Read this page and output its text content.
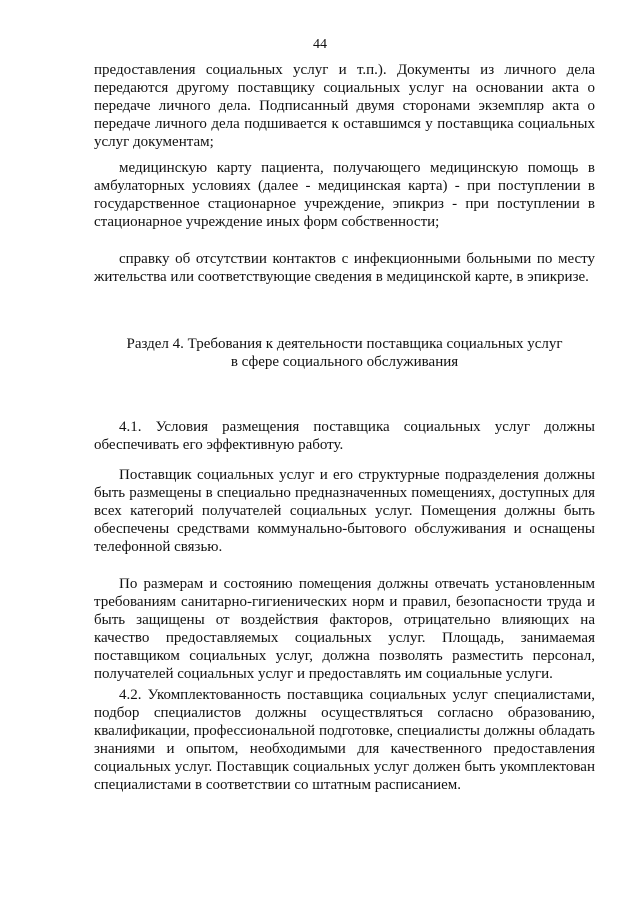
44

предоставления социальных услуг и т.п.). Документы из личного дела передаются другому поставщику социальных услуг на основании акта о передаче личного дела. Подписанный двумя сторонами экземпляр акта о передаче личного дела подшивается к оставшимся у поставщика социальных услуг документам;

медицинскую карту пациента, получающего медицинскую помощь в амбулаторных условиях (далее - медицинская карта) - при поступлении в государственное стационарное учреждение, эпикриз - при поступлении в стационарное учреждение иных форм собственности;

справку об отсутствии контактов с инфекционными больными по месту жительства или соответствующие сведения в медицинской карте, в эпикризе.

Раздел 4. Требования к деятельности поставщика социальных услуг
в сфере социального обслуживания

4.1. Условия размещения поставщика социальных услуг должны обеспечивать его эффективную работу.

Поставщик социальных услуг и его структурные подразделения должны быть размещены в специально предназначенных помещениях, доступных для всех категорий получателей социальных услуг. Помещения должны быть обеспечены средствами коммунально-бытового обслуживания и оснащены телефонной связью.

По размерам и состоянию помещения должны отвечать установленным требованиям санитарно-гигиенических норм и правил, безопасности труда и быть защищены от воздействия факторов, отрицательно влияющих на качество предоставляемых социальных услуг. Площадь, занимаемая поставщиком социальных услуг, должна позволять разместить персонал, получателей социальных услуг и предоставлять им социальные услуги.

4.2. Укомплектованность поставщика социальных услуг специалистами, подбор специалистов должны осуществляться согласно образованию, квалификации, профессиональной подготовке, специалисты должны обладать знаниями и опытом, необходимыми для качественного предоставления социальных услуг. Поставщик социальных услуг должен быть укомплектован специалистами в соответствии со штатным расписанием.
